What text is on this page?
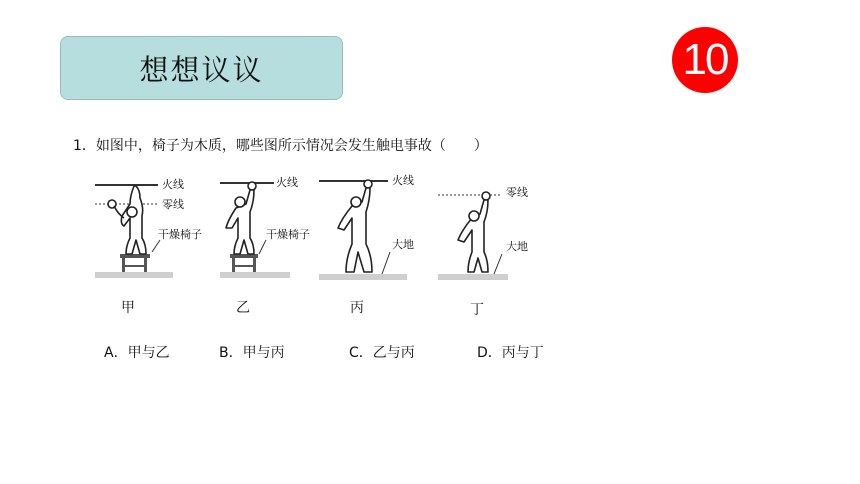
想想议议	10
1．如图中，椅子为木质，哪些图所示情况会发生触电事故（　　）
火线
零线
干燥椅子
甲
火线
干燥椅子
乙
火线
大地
丙
零线
大地
丁
A．甲与乙	B．甲与丙	C．乙与丙	D．丙与丁
